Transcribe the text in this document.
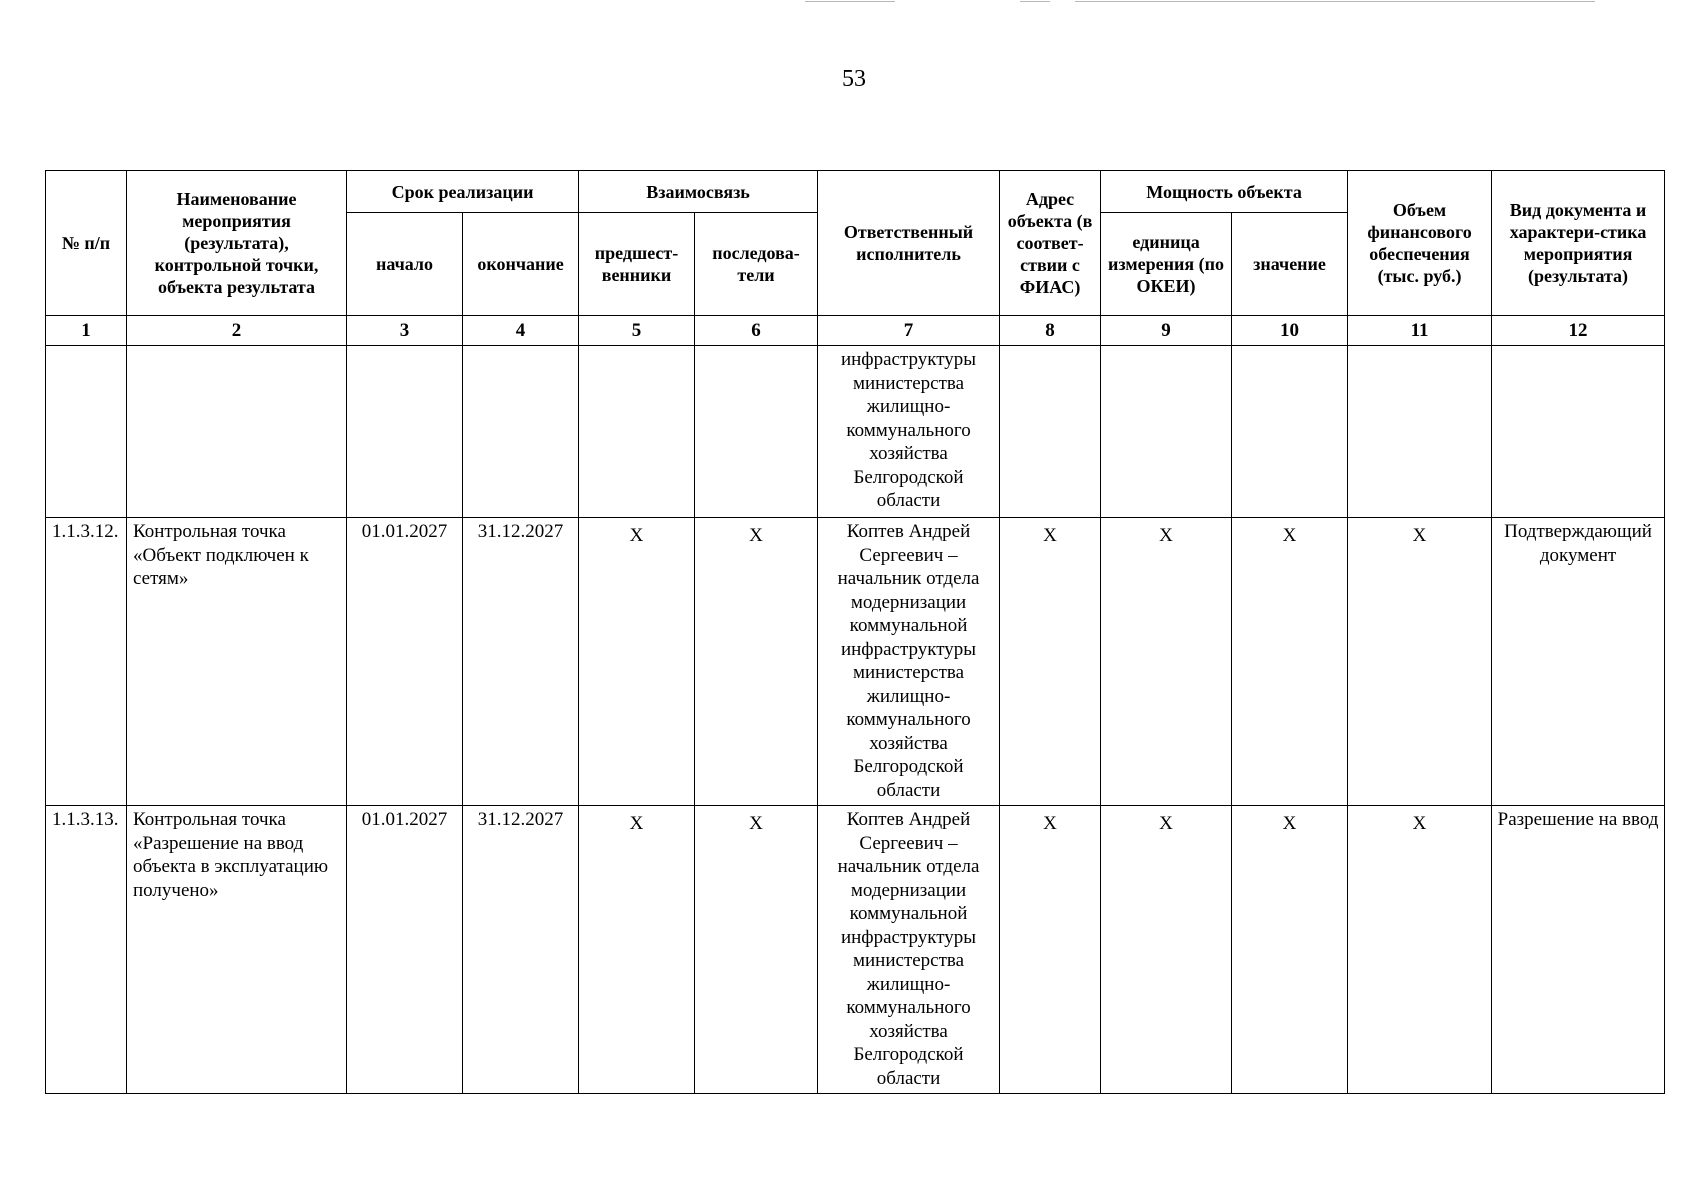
53
№ п/п	Наименование мероприятия (результата), контрольной точки, объекта результата	Срок реализации		Взаимосвязь		Ответственный исполнитель	Адрес объекта (в соответ-ствии с ФИАС)	Мощность объекта		Объем финансового обеспечения (тыс. руб.)	Вид документа и характери-стика мероприятия (результата)
		начало	окончание	предшест-венники	последова-тели			единица измерения (по ОКЕИ)	значение		
1	2	3	4	5	6	7	8	9	10	11	12
						инфраструктуры министерства жилищно-коммунального хозяйства Белгородской области					
1.1.3.12.	Контрольная точка «Объект подключен к сетям»	01.01.2027	31.12.2027	X	X	Коптев Андрей Сергеевич – начальник отдела модернизации коммунальной инфраструктуры министерства жилищно-коммунального хозяйства Белгородской области	X	X	X	X	Подтверждающий документ
1.1.3.13.	Контрольная точка «Разрешение на ввод объекта в эксплуатацию получено»	01.01.2027	31.12.2027	X	X	Коптев Андрей Сергеевич – начальник отдела модернизации коммунальной инфраструктуры министерства жилищно-коммунального хозяйства Белгородской области	X	X	X	X	Разрешение на ввод
